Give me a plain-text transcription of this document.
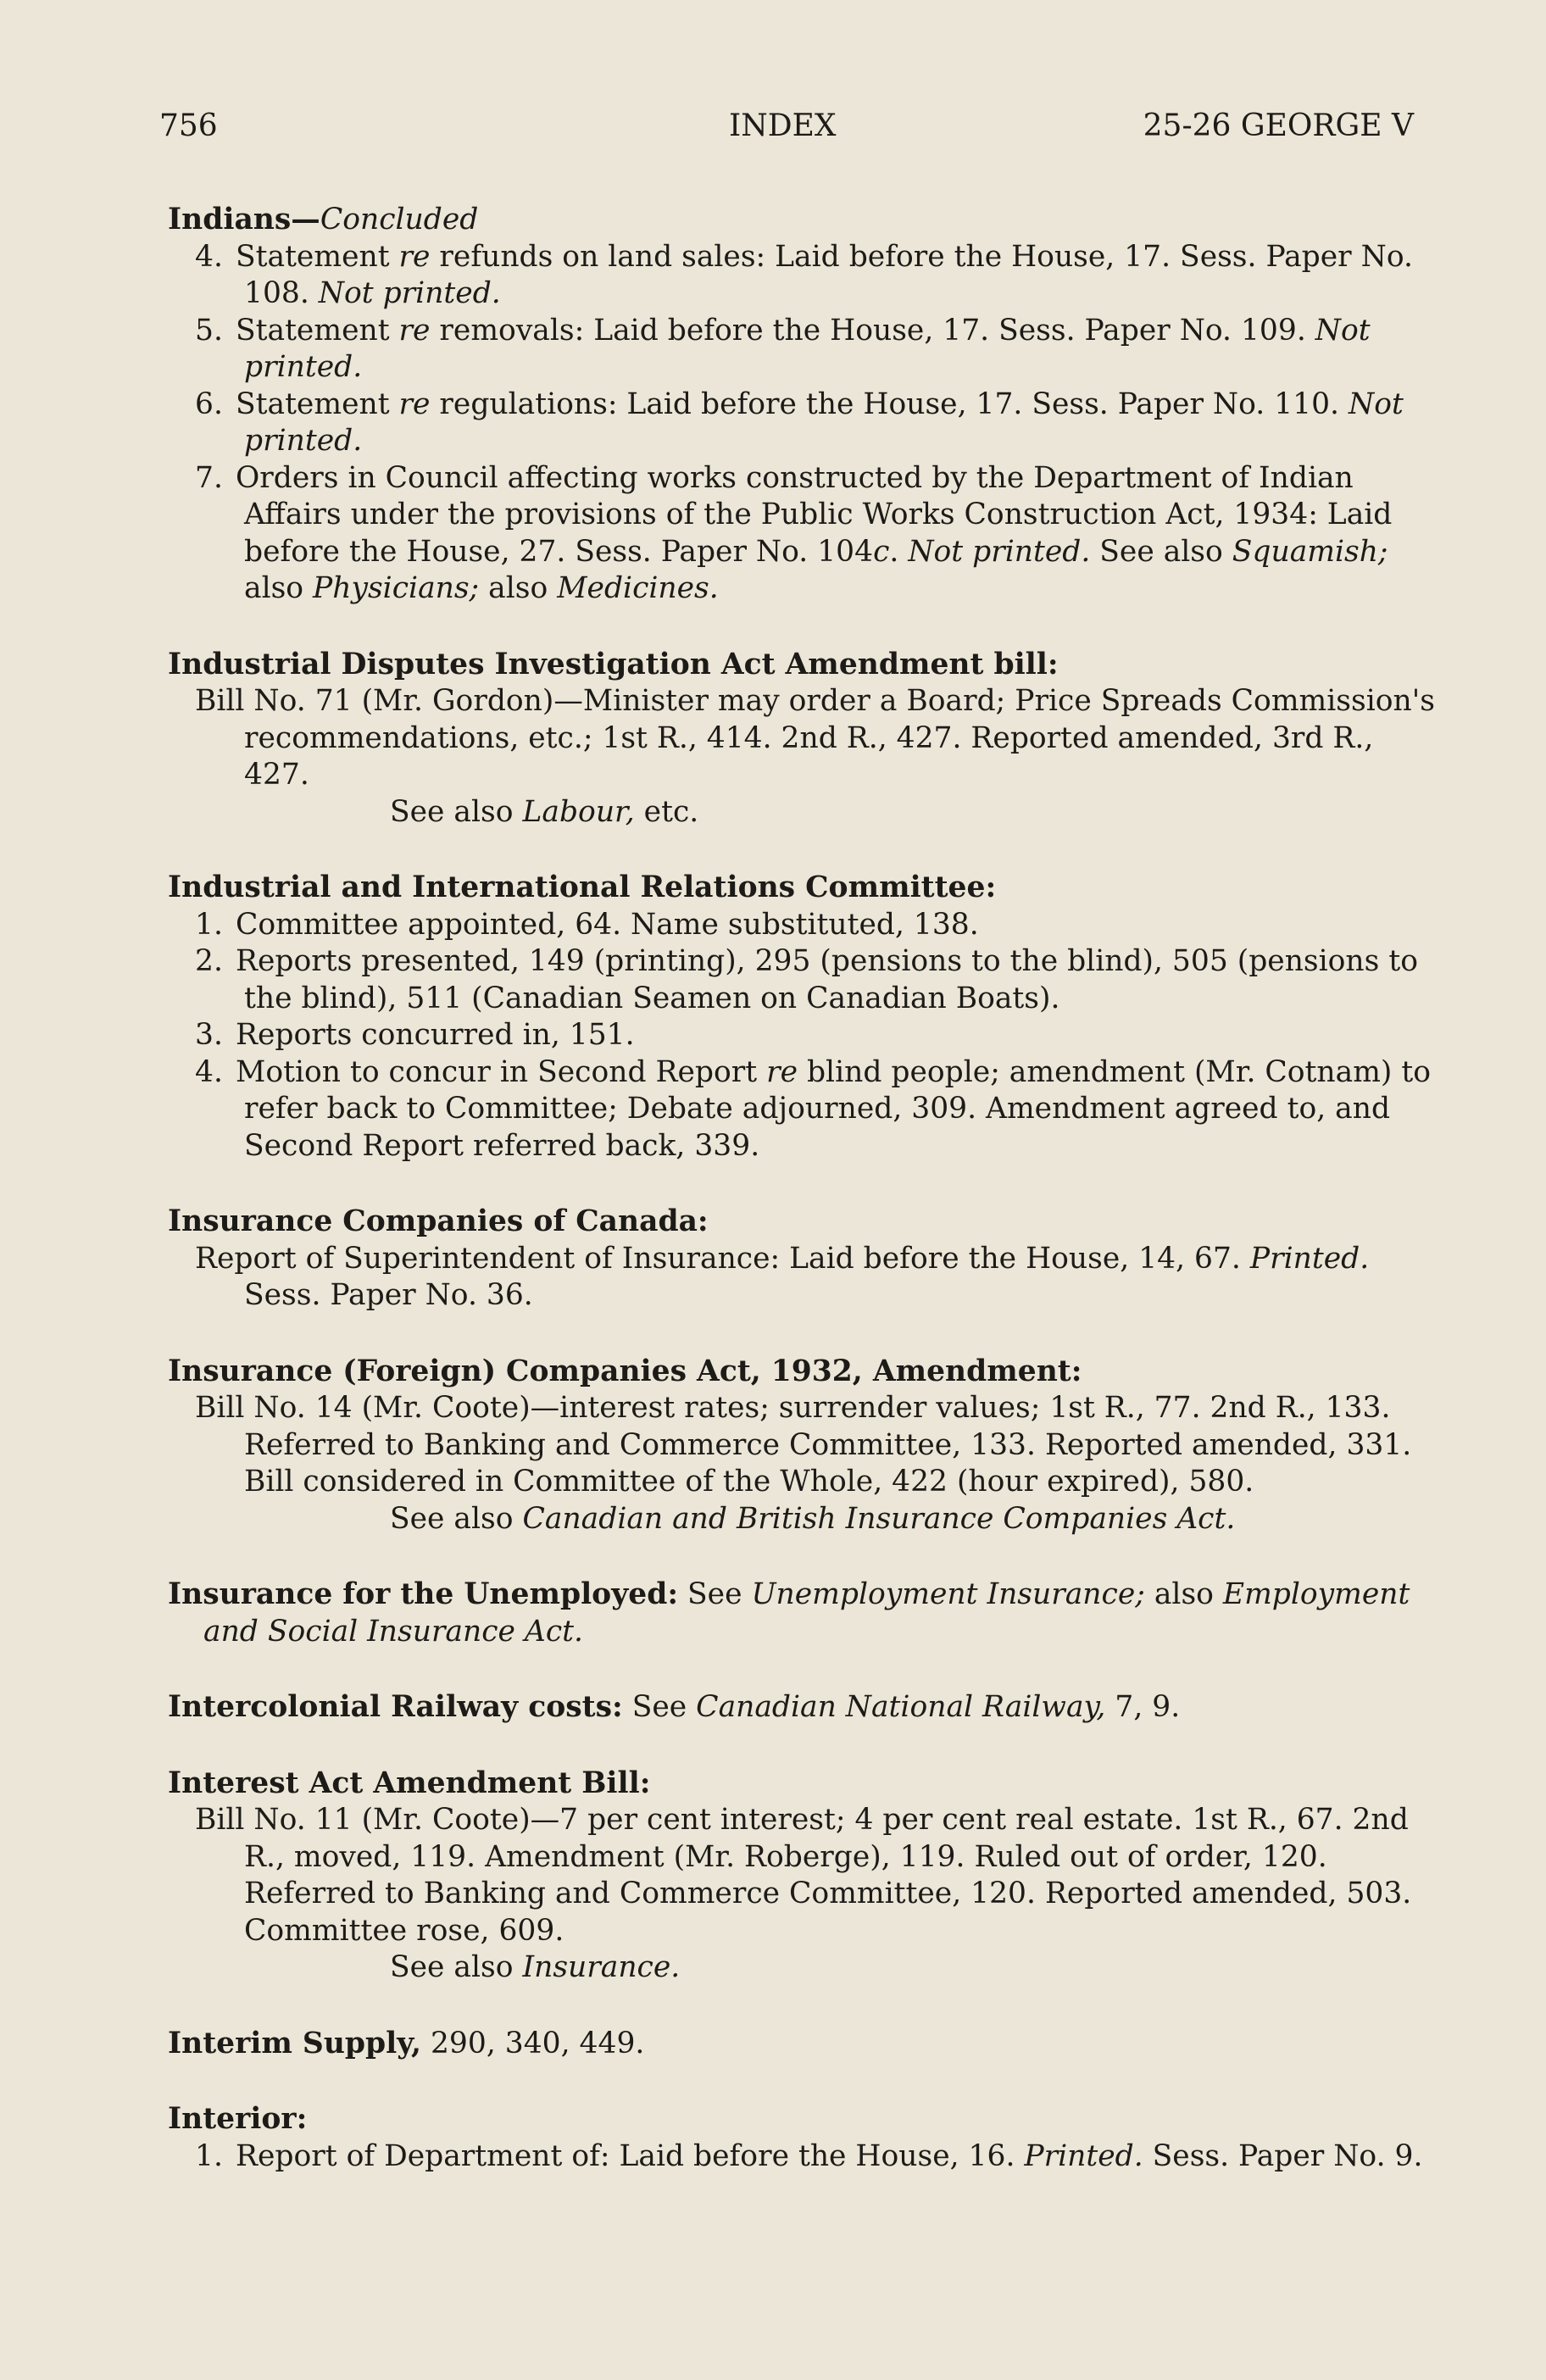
756	INDEX	25-26 GEORGE V

Indians—Concluded

4. Statement re refunds on land sales: Laid before the House, 17. Sess. Paper No. 108. Not printed.

5. Statement re removals: Laid before the House, 17. Sess. Paper No. 109. Not printed.

6. Statement re regulations: Laid before the House, 17. Sess. Paper No. 110. Not printed.

7. Orders in Council affecting works constructed by the Department of Indian Affairs under the provisions of the Public Works Construction Act, 1934: Laid before the House, 27. Sess. Paper No. 104c. Not printed. See also Squamish; also Physicians; also Medicines.

Industrial Disputes Investigation Act Amendment bill:

Bill No. 71 (Mr. Gordon)—Minister may order a Board; Price Spreads Commission's recommendations, etc.; 1st R., 414. 2nd R., 427. Reported amended, 3rd R., 427.

See also Labour, etc.

Industrial and International Relations Committee:

1. Committee appointed, 64. Name substituted, 138.

2. Reports presented, 149 (printing), 295 (pensions to the blind), 505 (pensions to the blind), 511 (Canadian Seamen on Canadian Boats).

3. Reports concurred in, 151.

4. Motion to concur in Second Report re blind people; amendment (Mr. Cotnam) to refer back to Committee; Debate adjourned, 309. Amendment agreed to, and Second Report referred back, 339.

Insurance Companies of Canada:

Report of Superintendent of Insurance: Laid before the House, 14, 67. Printed. Sess. Paper No. 36.

Insurance (Foreign) Companies Act, 1932, Amendment:

Bill No. 14 (Mr. Coote)—interest rates; surrender values; 1st R., 77. 2nd R., 133. Referred to Banking and Commerce Committee, 133. Reported amended, 331. Bill considered in Committee of the Whole, 422 (hour expired), 580.

See also Canadian and British Insurance Companies Act.

Insurance for the Unemployed: See Unemployment Insurance; also Employment and Social Insurance Act.

Intercolonial Railway costs: See Canadian National Railway, 7, 9.

Interest Act Amendment Bill:

Bill No. 11 (Mr. Coote)—7 per cent interest; 4 per cent real estate. 1st R., 67. 2nd R., moved, 119. Amendment (Mr. Roberge), 119. Ruled out of order, 120. Referred to Banking and Commerce Committee, 120. Reported amended, 503. Committee rose, 609.

See also Insurance.

Interim Supply, 290, 340, 449.

Interior:

1. Report of Department of: Laid before the House, 16. Printed. Sess. Paper No. 9.
